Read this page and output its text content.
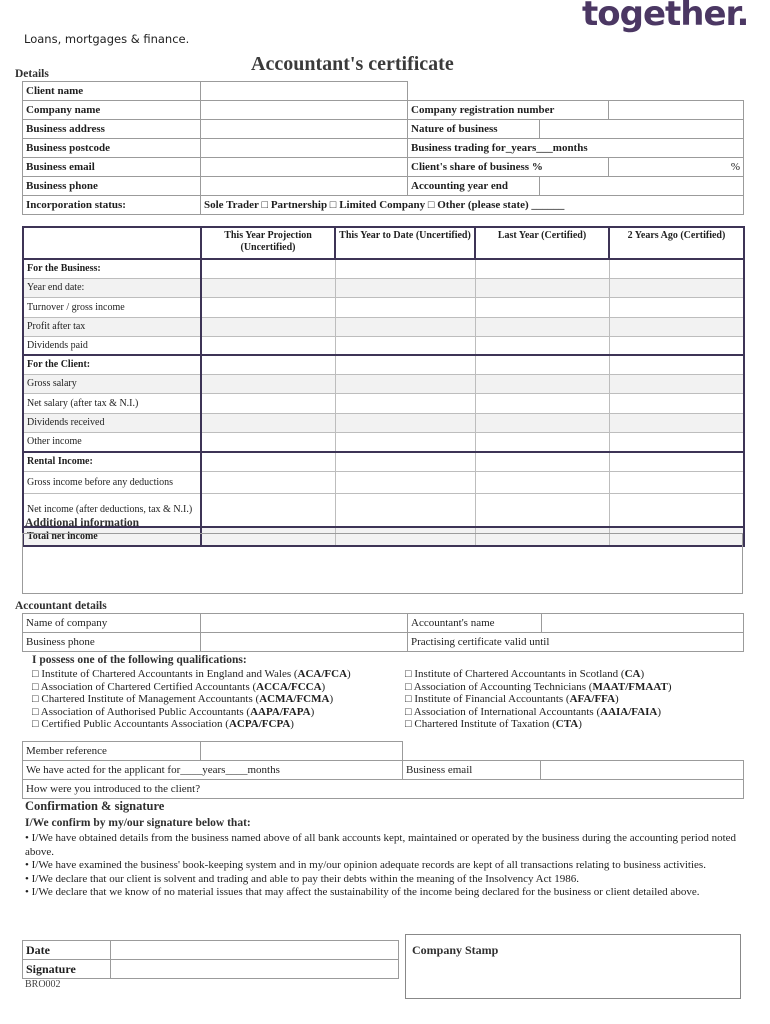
together.
Loans, mortgages & finance.
Accountant's certificate
Details
Client name				
Company name		Company registration number		
Business address		Nature of business		
Business postcode		Business trading for_years___months		
Business email		Client's share of business %		%
Business phone		Accounting year end		
Incorporation status:	Sole Trader □ Partnership □ Limited Company □ Other (please state) ______			
	This Year Projection (Uncertified)	This Year to Date (Uncertified)	Last Year (Certified)	2 Years Ago (Certified)
For the Business:				
Year end date:				
Turnover / gross income				
Profit after tax				
Dividends paid				
For the Client:				
Gross salary				
Net salary (after tax & N.I.)				
Dividends received				
Other income				
Rental Income:				
Gross income before any deductions				
Net income (after deductions, tax & N.I.)				
Total net income				
Additional information
Accountant details
Name of company		Accountant's name	
Business phone		Practising certificate valid until	
I possess one of the following qualifications:
□ Institute of Chartered Accountants in England and Wales (ACA/FCA)
□ Association of Chartered Certified Accountants (ACCA/FCCA)
□ Chartered Institute of Management Accountants (ACMA/FCMA)
□ Association of Authorised Public Accountants (AAPA/FAPA)
□ Certified Public Accountants Association (ACPA/FCPA)
□ Institute of Chartered Accountants in Scotland (CA)
□ Association of Accounting Technicians (MAAT/FMAAT)
□ Institute of Financial Accountants (AFA/FFA)
□ Association of International Accountants (AAIA/FAIA)
□ Chartered Institute of Taxation (CTA)
Member reference			
We have acted for the applicant for____years____months		Business email	
How were you introduced to the client?			
Confirmation & signature
I/We confirm by my/our signature below that:
• I/We have obtained details from the business named above of all bank accounts kept, maintained or operated by the business during the accounting period noted above.
• I/We have examined the business' book-keeping system and in my/our opinion adequate records are kept of all transactions relating to business activities.
• I/We declare that our client is solvent and trading and able to pay their debts within the meaning of the Insolvency Act 1986.
• I/We declare that we know of no material issues that may affect the sustainability of the income being declared for the business or client detailed above.
Date	
Signature	
BRO002
Company Stamp
